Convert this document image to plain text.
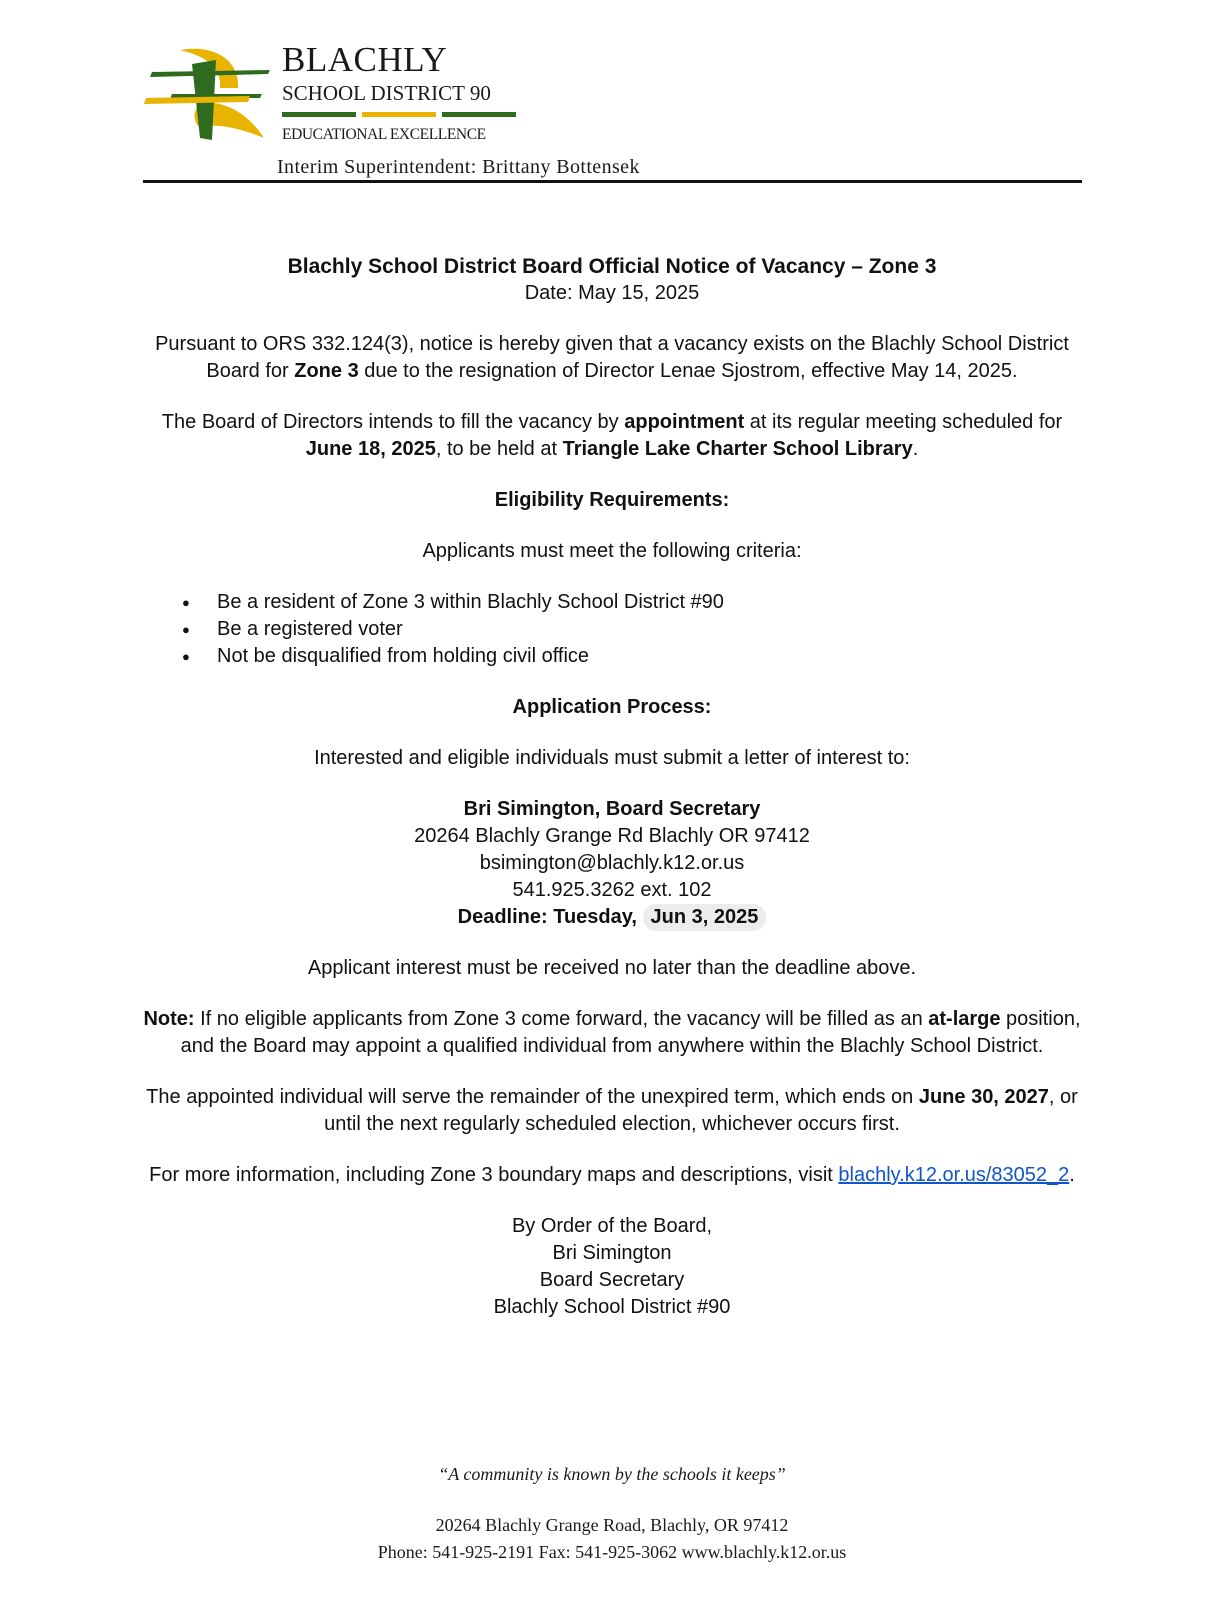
BLACHLY
SCHOOL DISTRICT 90
EDUCATIONAL EXCELLENCE
Interim Superintendent: Brittany Bottensek
Blachly School District Board Official Notice of Vacancy – Zone 3
Date: May 15, 2025

Pursuant to ORS 332.124(3), notice is hereby given that a vacancy exists on the Blachly School District Board for Zone 3 due to the resignation of Director Lenae Sjostrom, effective May 14, 2025.

The Board of Directors intends to fill the vacancy by appointment at its regular meeting scheduled for June 18, 2025, to be held at Triangle Lake Charter School Library.

Eligibility Requirements:

Applicants must meet the following criteria:

● Be a resident of Zone 3 within Blachly School District #90
● Be a registered voter
● Not be disqualified from holding civil office
Application Process:

Interested and eligible individuals must submit a letter of interest to:

Bri Simington, Board Secretary
20264 Blachly Grange Rd Blachly OR 97412
bsimington@blachly.k12.or.us
541.925.3262 ext. 102
Deadline: Tuesday, Jun 3, 2025

Applicant interest must be received no later than the deadline above.

Note: If no eligible applicants from Zone 3 come forward, the vacancy will be filled as an at-large position, and the Board may appoint a qualified individual from anywhere within the Blachly School District.

The appointed individual will serve the remainder of the unexpired term, which ends on June 30, 2027, or until the next regularly scheduled election, whichever occurs first.

For more information, including Zone 3 boundary maps and descriptions, visit blachly.k12.or.us/83052_2.

By Order of the Board,
Bri Simington
Board Secretary
Blachly School District #90
“A community is known by the schools it keeps”
20264 Blachly Grange Road, Blachly, OR 97412
Phone: 541-925-2191 Fax: 541-925-3062 www.blachly.k12.or.us
